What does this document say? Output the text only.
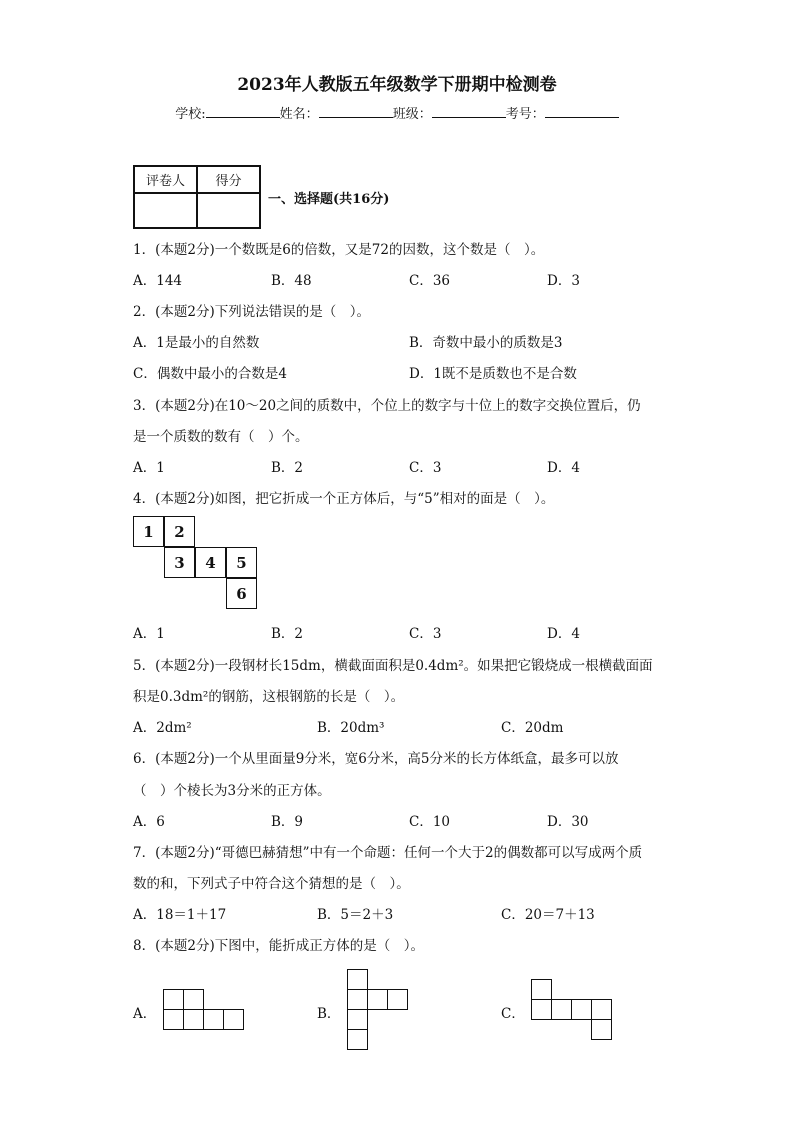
2023年人教版五年级数学下册期中检测卷
学校:	姓名：	班级：	考号：
评卷人	得分

一、选择题(共16分)
1．(本题2分)一个数既是6的倍数，又是72的因数，这个数是（　）。
A．144	B．48	C．36	D．3
2．(本题2分)下列说法错误的是（　）。
A．1是最小的自然数	B．奇数中最小的质数是3
C．偶数中最小的合数是4	D．1既不是质数也不是合数
3．(本题2分)在10～20之间的质数中，个位上的数字与十位上的数字交换位置后，仍
是一个质数的数有（　）个。
A．1	B．2	C．3	D．4
4．(本题2分)如图，把它折成一个正方体后，与“5”相对的面是（　）。
1	2
3	4	5
6
A．1	B．2	C．3	D．4
5．(本题2分)一段钢材长15dm，横截面面积是0.4dm²。如果把它锻烧成一根横截面面
积是0.3dm²的钢筋，这根钢筋的长是（　）。
A．2dm²	B．20dm³	C．20dm
6．(本题2分)一个从里面量9分米，宽6分米，高5分米的长方体纸盒，最多可以放
（　）个棱长为3分米的正方体。
A．6	B．9	C．10	D．30
7．(本题2分)“哥德巴赫猜想”中有一个命题：任何一个大于2的偶数都可以写成两个质
数的和，下列式子中符合这个猜想的是（　）。
A．18＝1＋17	B．5＝2＋3	C．20＝7＋13
8．(本题2分)下图中，能折成正方体的是（　）。
A．	B．	C．
